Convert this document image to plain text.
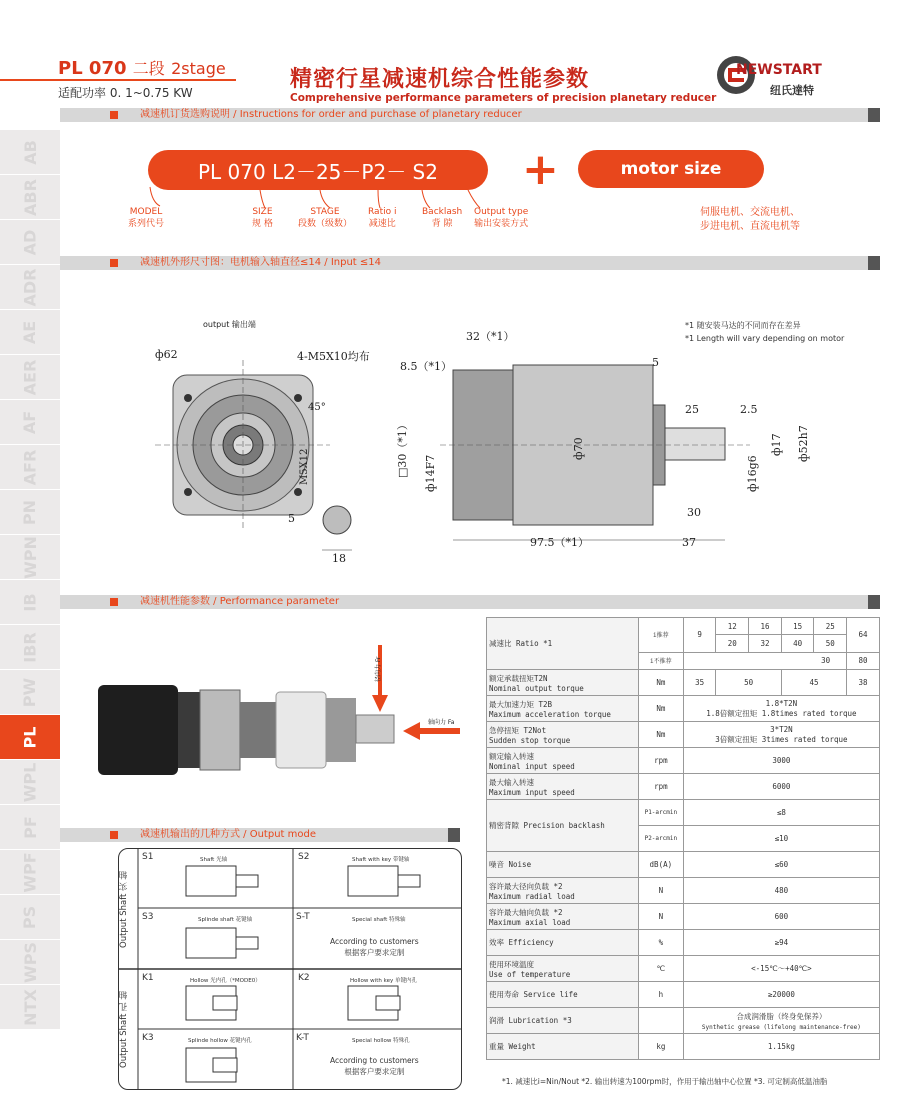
AB
ABR
AD
ADR
AE
AER
AF
AFR
PN
WPN
IB
IBR
PW
PL
WPL
PF
WPF
PS
WPS
NTX
PL 070 二段 2stage
适配功率 0. 1~0.75 KW
精密行星减速机综合性能参数
Comprehensive performance parameters of precision planetary reducer
NEWSTART
纽氏達特
减速机订货选购说明 / Instructions for order and purchase of planetary reducer
减速机外形尺寸图：电机输入轴直径≤14 / Input ≤14
减速机性能参数 / Performance parameter
减速机输出的几种方式 / Output mode
PL 070 L2－25－P2－ S2	+	motor size
MODEL
系列代号
SIZE
规 格
STAGE
段数（级数）
Ratio i
减速比
Backlash
背 隙
Output type
输出安装方式
伺服电机、交流电机、
步进电机、直流电机等
output 输出端
ф62	4-M5X10均布
45°
M5X12
5
18
32（*1）
8.5（*1）	5
25	2.5
ф70	ф17 ф52h7
ф16g6
ф14F7
□30（*1）
30
97.5（*1）	37
*1 随安装马达的不同而存在差异
*1 Length will vary depending on motor
径向力 Fr
轴向力 Fa
Output Shaft 实 轴
Output Shaft 孔 轴
S1	Shaft 光轴	S2	Shaft with key 带键轴
S3	Splinde shaft 花键轴	S-T	Special shaft 特殊轴
According to customers
根据客户要求定制
K1	Hollow 光内孔（*MODE0）	K2	Hollow with key 单键内孔
K3	Splinde hollow 花键内孔	K-T	Special hollow 特殊孔
According to customers
根据客户要求定制
减速比 Ratio *1	i推荐	9	12	16	15	25	64
			20	32	40	50	
	i不推荐	30					80
额定承载扭矩T2N
Nominal output torque	Nm	35	50		45		38
最大加速力矩 T2B
Maximum acceleration torque	Nm	1.8*T2N
1.8倍额定扭矩 1.8times rated torque					
急停扭矩 T2Not
Sudden stop torque	Nm	3*T2N
3倍额定扭矩 3times rated torque					
额定输入转速
Nominal input speed	rpm	3000					
最大输入转速
Maximum input speed	rpm	6000					
精密背隙 Precision backlash	P1-arcmin	≤8					
	P2-arcmin	≤10					
噪音 Noise	dB(A)	≤60					
容许最大径向负载 *2
Maximum radial load	N	480					
容许最大轴向负载 *2
Maximum axial load	N	600					
效率 Efficiency	%	≥94					
使用环境温度
Use of temperature	℃	<-15℃～+40℃>					
使用寿命 Service life	h	≥20000					
润滑 Lubrication *3		合成润滑脂（终身免保养）
Synthetic grease (lifelong maintenance-free)					
重量 Weight	kg	1.15kg					
*1. 减速比i=Nin/Nout *2. 输出转速为100rpm时，作用于输出轴中心位置 *3. 可定制高低温油脂
